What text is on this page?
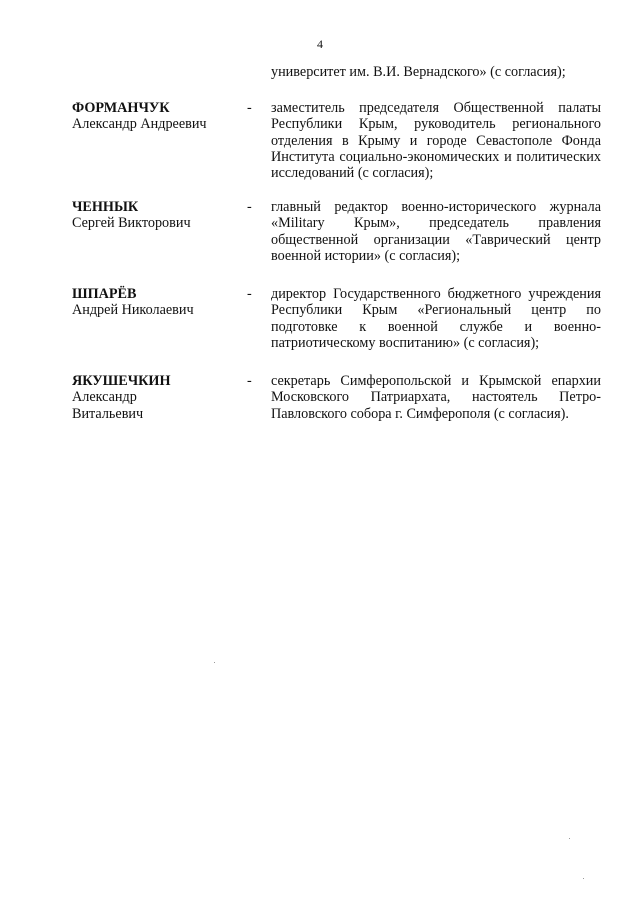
4
университет им. В.И. Вернадского» (с согласия);
ФОРМАНЧУК
Александр Андреевич
- заместитель председателя Общественной палаты Республики Крым, руководитель регионального отделения в Крыму и городе Севастополе Фонда Института социально-экономических и политических исследований (с согласия);
ЧЕННЫК
Сергей Викторович
- главный редактор военно-исторического журнала «Military Крым», председатель правления общественной организации «Таврический центр военной истории» (с согласия);
ШПАРЁВ
Андрей Николаевич
- директор Государственного бюджетного учреждения Республики Крым «Региональный центр по подготовке к военной службе и военно-патриотическому воспитанию» (с согласия);
ЯКУШЕЧКИН
Александр Витальевич
- секретарь Симферопольской и Крымской епархии Московского Патриархата, настоятель Петро-Павловского собора г. Симферополя (с согласия).
